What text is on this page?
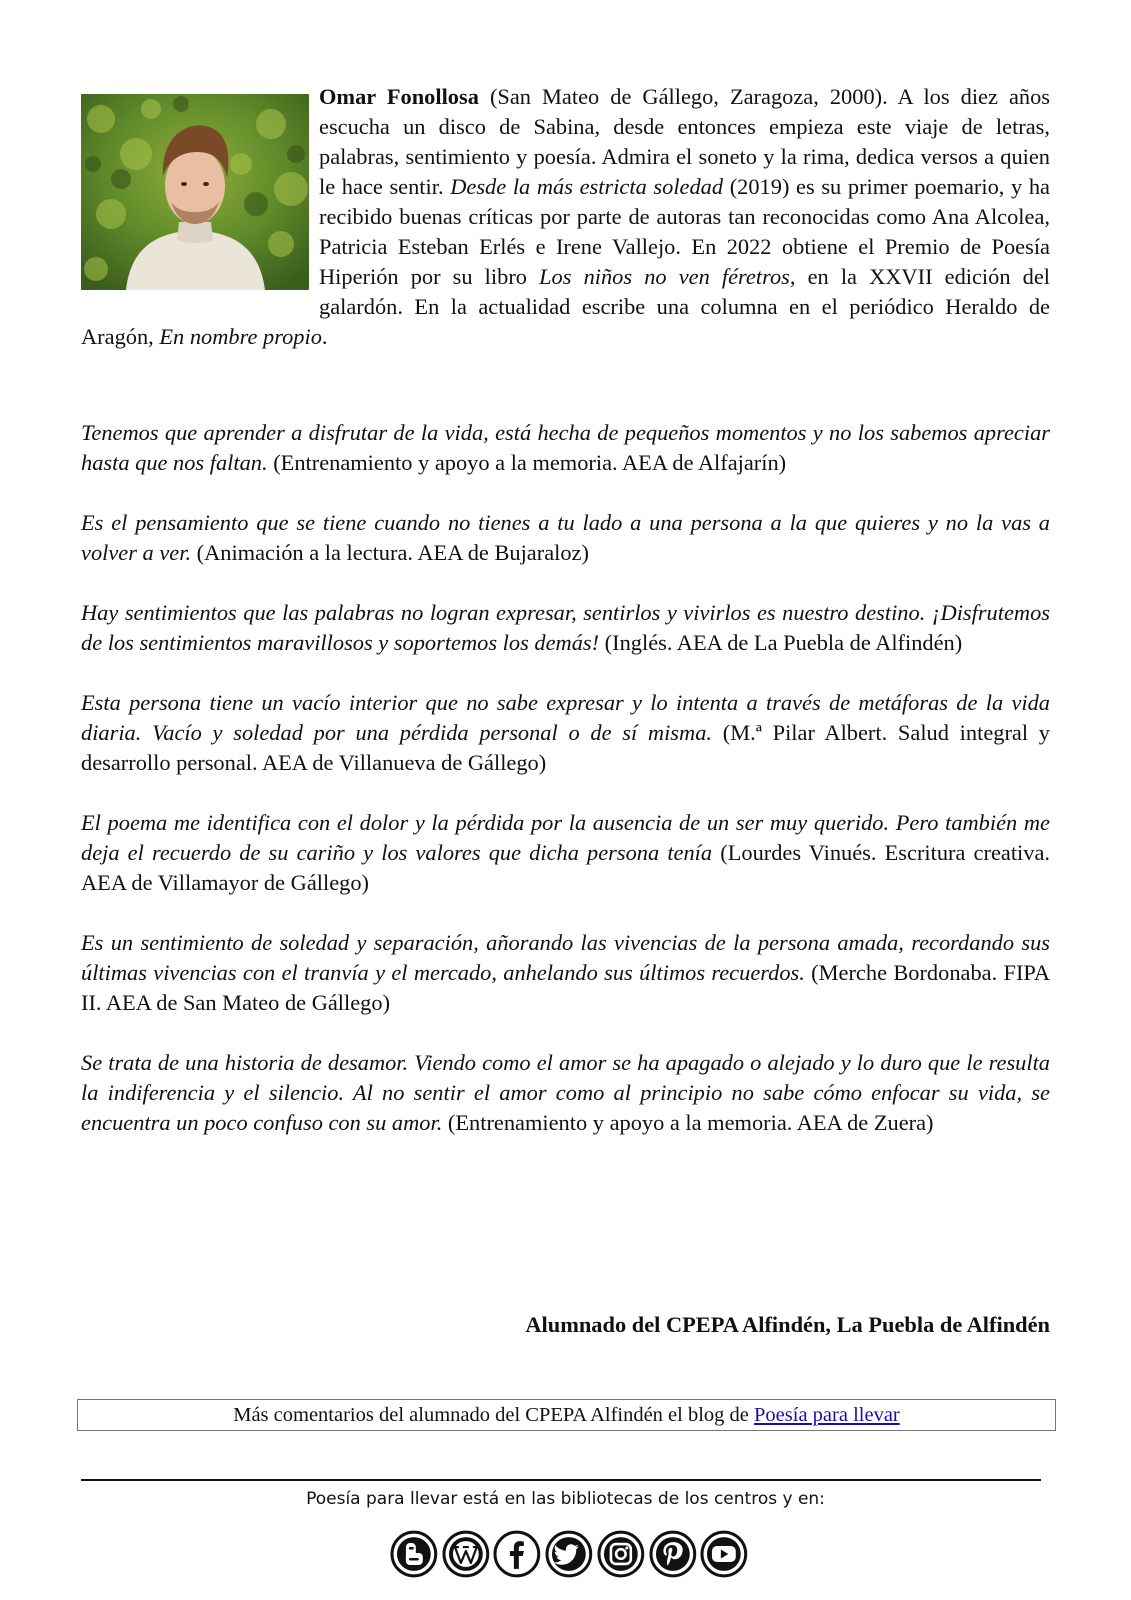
Omar Fonollosa (San Mateo de Gállego, Zaragoza, 2000). A los diez años escucha un disco de Sabina, desde entonces empieza este viaje de letras, palabras, sentimiento y poesía. Admira el soneto y la rima, dedica versos a quien le hace sentir. Desde la más estricta soledad (2019) es su primer poemario, y ha recibido buenas críticas por parte de autoras tan reconocidas como Ana Alcolea, Patricia Esteban Erlés e Irene Vallejo. En 2022 obtiene el Premio de Poesía Hiperión por su libro Los niños no ven féretros, en la XXVII edición del galardón. En la actualidad escribe una columna en el periódico Heraldo de Aragón, En nombre propio.

Tenemos que aprender a disfrutar de la vida, está hecha de pequeños momentos y no los sabemos apreciar hasta que nos faltan. (Entrenamiento y apoyo a la memoria. AEA de Alfajarín)

Es el pensamiento que se tiene cuando no tienes a tu lado a una persona a la que quieres y no la vas a volver a ver. (Animación a la lectura. AEA de Bujaraloz)

Hay sentimientos que las palabras no logran expresar, sentirlos y vivirlos es nuestro destino. ¡Disfrutemos de los sentimientos maravillosos y soportemos los demás! (Inglés. AEA de La Puebla de Alfindén)

Esta persona tiene un vacío interior que no sabe expresar y lo intenta a través de metáforas de la vida diaria. Vacío y soledad por una pérdida personal o de sí misma. (M.ª Pilar Albert. Salud integral y desarrollo personal. AEA de Villanueva de Gállego)

El poema me identifica con el dolor y la pérdida por la ausencia de un ser muy querido. Pero también me deja el recuerdo de su cariño y los valores que dicha persona tenía (Lourdes Vinués. Escritura creativa. AEA de Villamayor de Gállego)

Es un sentimiento de soledad y separación, añorando las vivencias de la persona amada, recordando sus últimas vivencias con el tranvía y el mercado, anhelando sus últimos recuerdos. (Merche Bordonaba. FIPA II. AEA de San Mateo de Gállego)

Se trata de una historia de desamor. Viendo como el amor se ha apagado o alejado y lo duro que le resulta la indiferencia y el silencio. Al no sentir el amor como al principio no sabe cómo enfocar su vida, se encuentra un poco confuso con su amor. (Entrenamiento y apoyo a la memoria. AEA de Zuera)

Alumnado del CPEPA Alfindén, La Puebla de Alfindén
Más comentarios del alumnado del CPEPA Alfindén el blog de Poesía para llevar
Poesía para llevar está en las bibliotecas de los centros y en:
